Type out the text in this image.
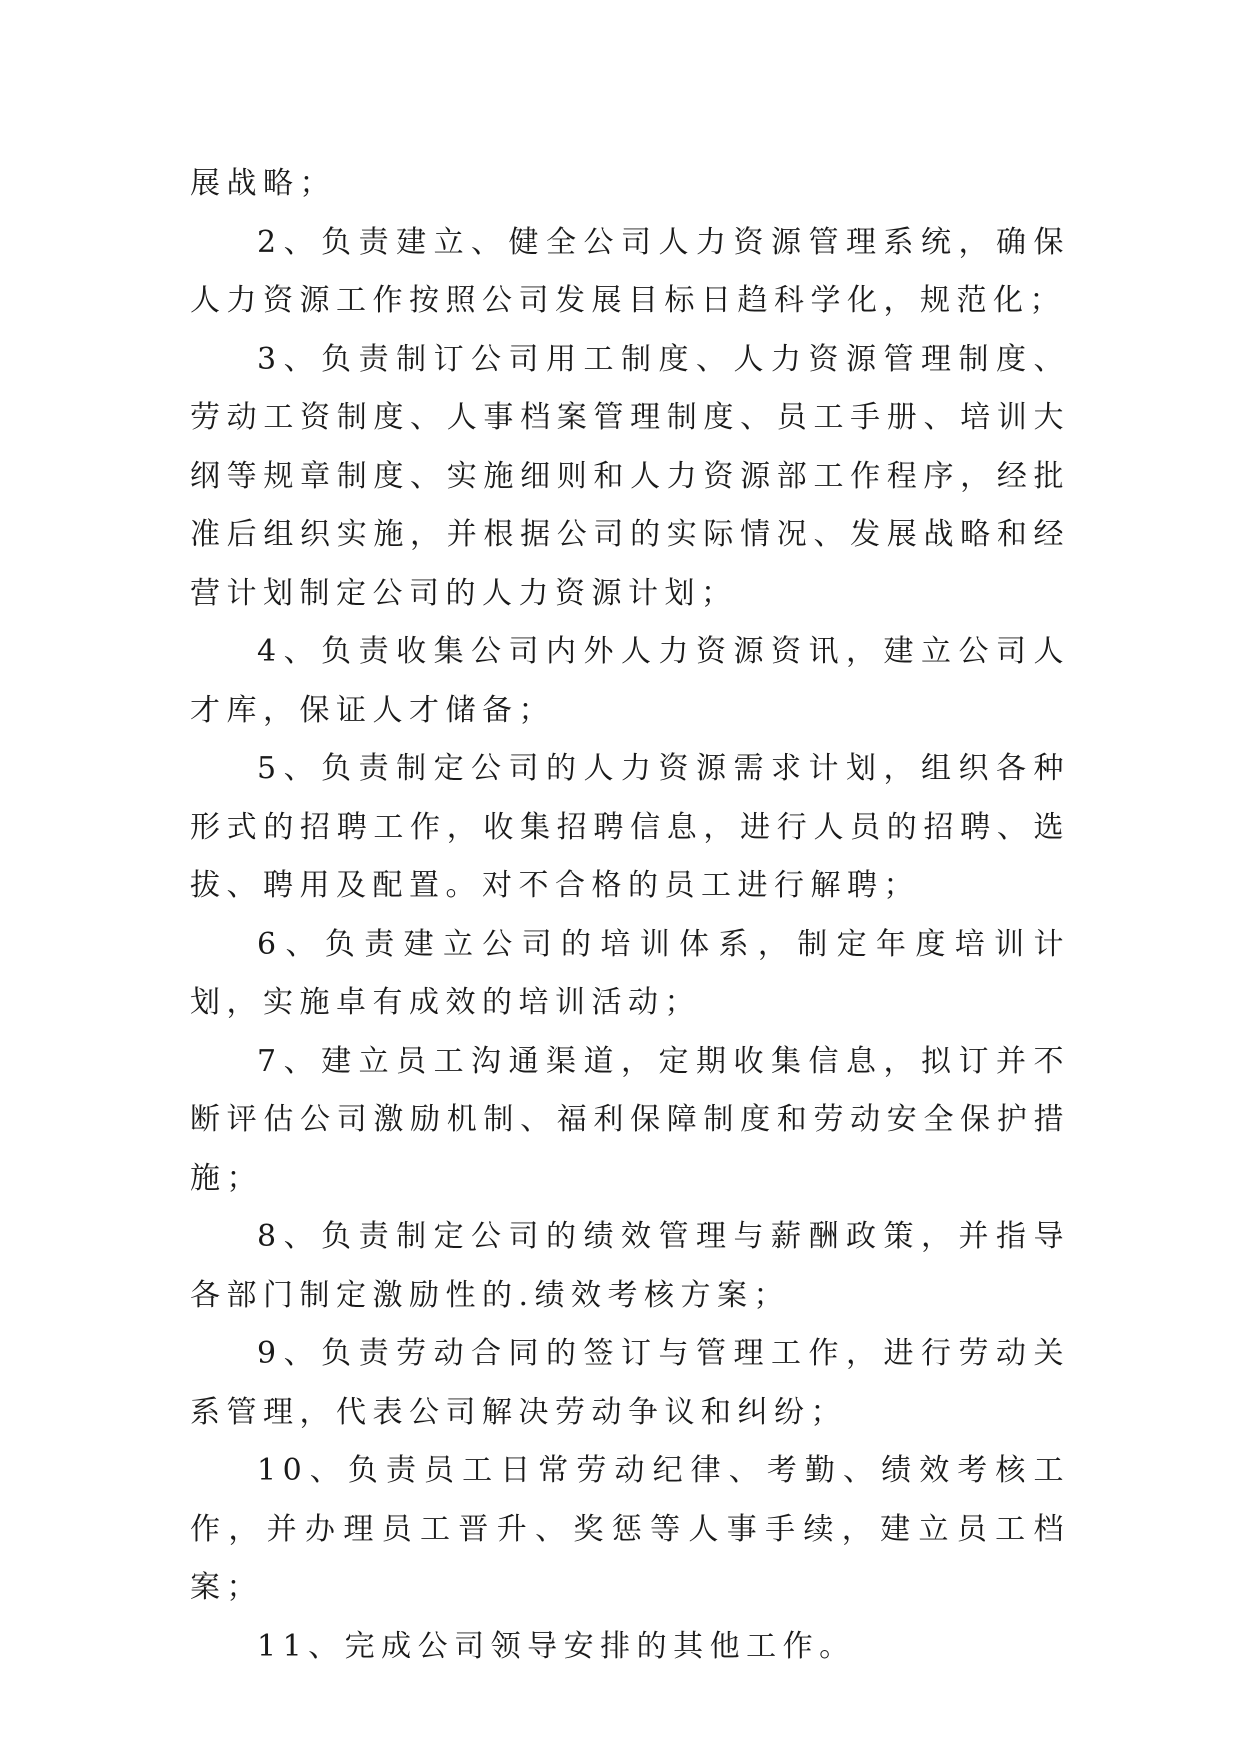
展战略；

2、负责建立、健全公司人力资源管理系统，确保人力资源工作按照公司发展目标日趋科学化，规范化；

3、负责制订公司用工制度、人力资源管理制度、劳动工资制度、人事档案管理制度、员工手册、培训大纲等规章制度、实施细则和人力资源部工作程序，经批准后组织实施，并根据公司的实际情况、发展战略和经营计划制定公司的人力资源计划；

4、负责收集公司内外人力资源资讯，建立公司人才库，保证人才储备；

5、负责制定公司的人力资源需求计划，组织各种形式的招聘工作，收集招聘信息，进行人员的招聘、选拔、聘用及配置。对不合格的员工进行解聘；

6、负责建立公司的培训体系，制定年度培训计划，实施卓有成效的培训活动；

7、建立员工沟通渠道，定期收集信息，拟订并不断评估公司激励机制、福利保障制度和劳动安全保护措施；

8、负责制定公司的绩效管理与薪酬政策，并指导各部门制定激励性的.绩效考核方案；

9、负责劳动合同的签订与管理工作，进行劳动关系管理，代表公司解决劳动争议和纠纷；

10、负责员工日常劳动纪律、考勤、绩效考核工作，并办理员工晋升、奖惩等人事手续，建立员工档案；

11、完成公司领导安排的其他工作。
